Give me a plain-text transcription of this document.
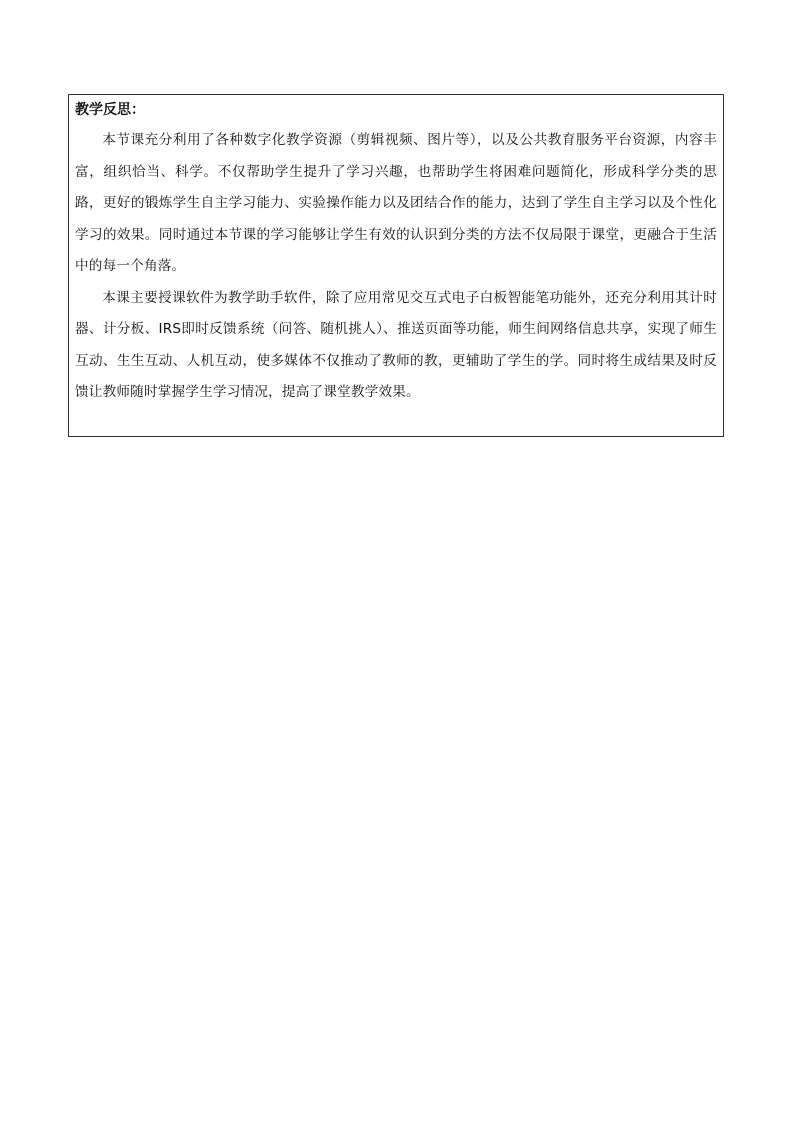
教学反思：

本节课充分利用了各种数字化教学资源（剪辑视频、图片等），以及公共教育服务平台资源，内容丰富，组织恰当、科学。不仅帮助学生提升了学习兴趣，也帮助学生将困难问题简化，形成科学分类的思路，更好的锻炼学生自主学习能力、实验操作能力以及团结合作的能力，达到了学生自主学习以及个性化学习的效果。同时通过本节课的学习能够让学生有效的认识到分类的方法不仅局限于课堂，更融合于生活中的每一个角落。

本课主要授课软件为教学助手软件，除了应用常见交互式电子白板智能笔功能外，还充分利用其计时器、计分板、IRS即时反馈系统（问答、随机挑人）、推送页面等功能，师生间网络信息共享，实现了师生互动、生生互动、人机互动，使多媒体不仅推动了教师的教，更辅助了学生的学。同时将生成结果及时反馈让教师随时掌握学生学习情况，提高了课堂教学效果。
